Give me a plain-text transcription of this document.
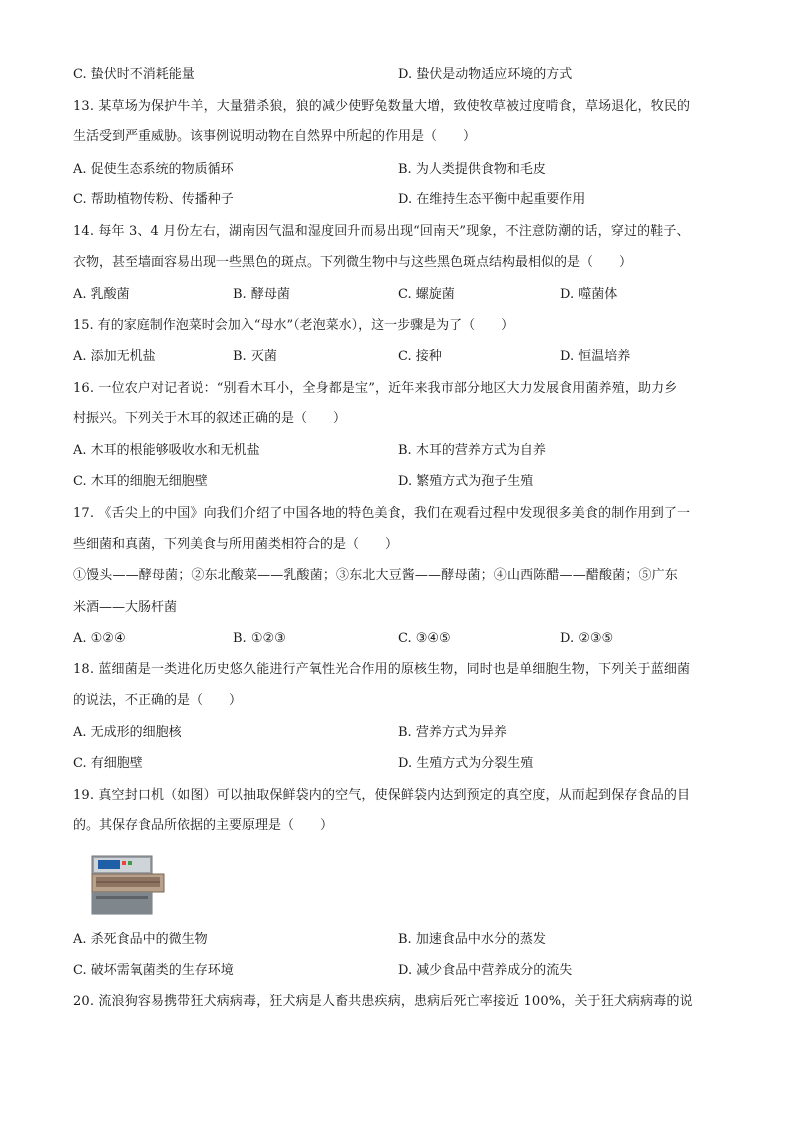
C. 蛰伏时不消耗能量	D. 蛰伏是动物适应环境的方式
13. 某草场为保护牛羊，大量猎杀狼，狼的减少使野兔数量大增，致使牧草被过度啃食，草场退化，牧民的
生活受到严重威胁。该事例说明动物在自然界中所起的作用是（　　）
A. 促使生态系统的物质循环	B. 为人类提供食物和毛皮
C. 帮助植物传粉、传播种子	D. 在维持生态平衡中起重要作用
14. 每年 3、4 月份左右，湖南因气温和湿度回升而易出现“回南天”现象，不注意防潮的话，穿过的鞋子、
衣物，甚至墙面容易出现一些黑色的斑点。下列微生物中与这些黑色斑点结构最相似的是（　　）
A. 乳酸菌	B. 酵母菌	C. 螺旋菌	D. 噬菌体
15. 有的家庭制作泡菜时会加入“母水”（老泡菜水），这一步骤是为了（　　）
A. 添加无机盐	B. 灭菌	C. 接种	D. 恒温培养
16. 一位农户对记者说：“别看木耳小，全身都是宝”，近年来我市部分地区大力发展食用菌养殖，助力乡
村振兴。下列关于木耳的叙述正确的是（　　）
A. 木耳的根能够吸收水和无机盐	B. 木耳的营养方式为自养
C. 木耳的细胞无细胞壁	D. 繁殖方式为孢子生殖
17. 《舌尖上的中国》向我们介绍了中国各地的特色美食，我们在观看过程中发现很多美食的制作用到了一
些细菌和真菌，下列美食与所用菌类相符合的是（　　）
①馒头——酵母菌；②东北酸菜——乳酸菌；③东北大豆酱——酵母菌；④山西陈醋——醋酸菌；⑤广东
米酒——大肠杆菌
A. ①②④	B. ①②③	C. ③④⑤	D. ②③⑤
18. 蓝细菌是一类进化历史悠久能进行产氧性光合作用的原核生物，同时也是单细胞生物，下列关于蓝细菌
的说法，不正确的是（　　）
A. 无成形的细胞核	B. 营养方式为异养
C. 有细胞壁	D. 生殖方式为分裂生殖
19. 真空封口机（如图）可以抽取保鲜袋内的空气，使保鲜袋内达到预定的真空度，从而起到保存食品的目
的。其保存食品所依据的主要原理是（　　）
A. 杀死食品中的微生物	B. 加速食品中水分的蒸发
C. 破坏需氧菌类的生存环境	D. 减少食品中营养成分的流失
20. 流浪狗容易携带狂犬病病毒，狂犬病是人畜共患疾病，患病后死亡率接近 100%，关于狂犬病病毒的说
